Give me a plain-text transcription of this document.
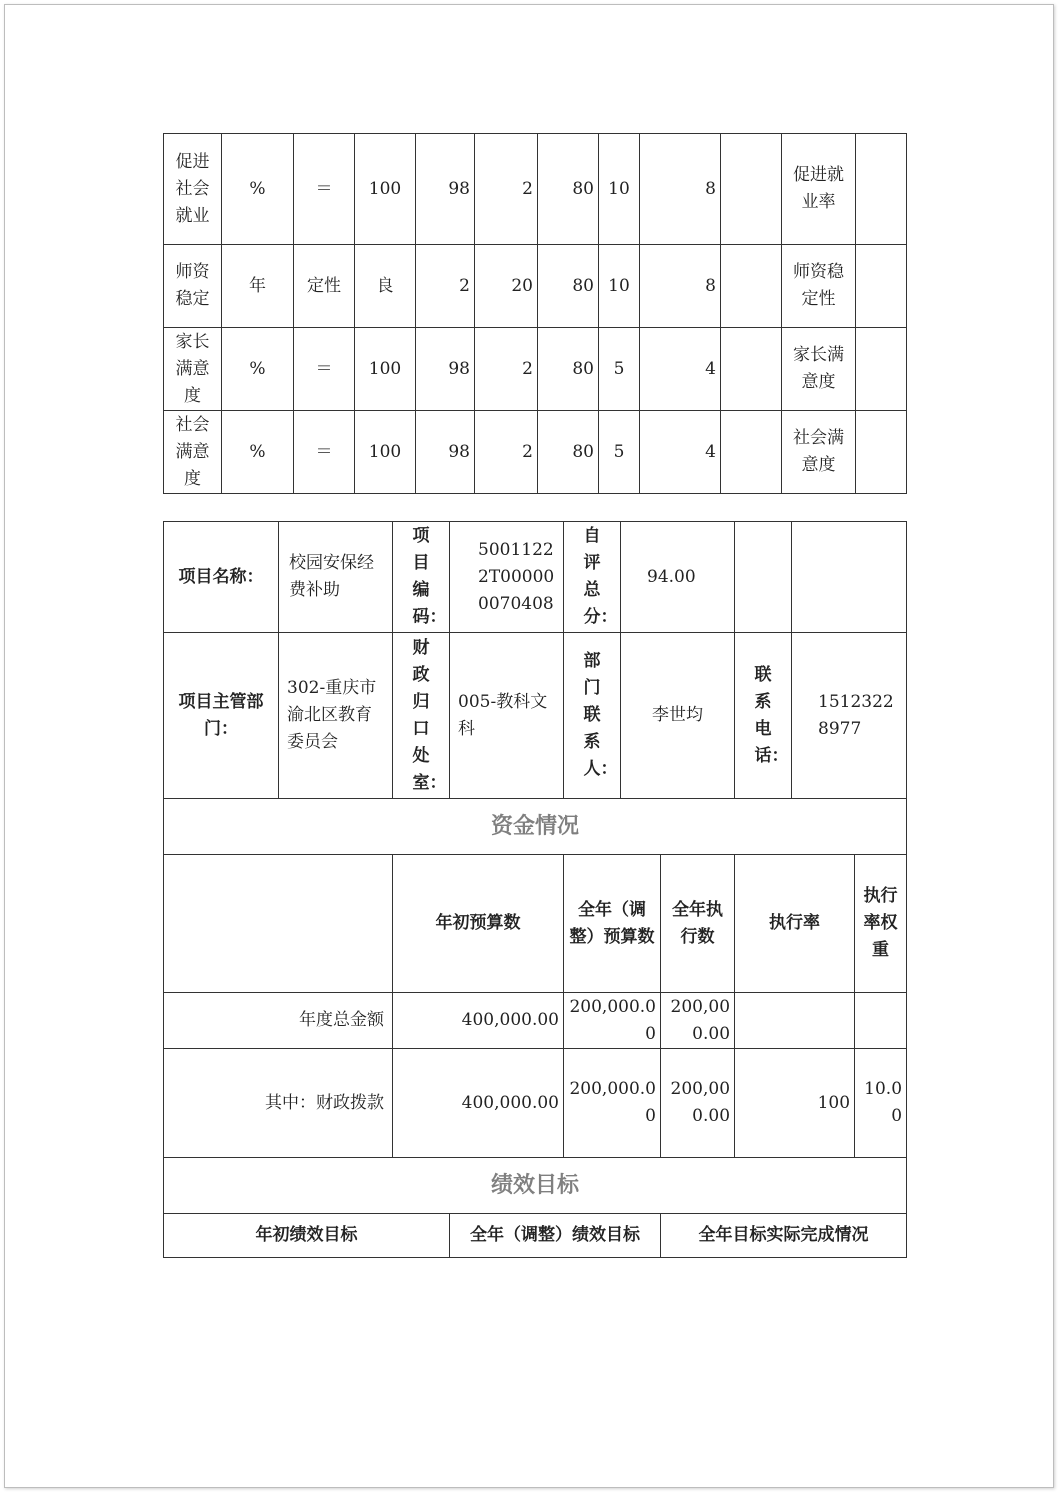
促进社会就业	%	＝	100	98	2	80	10	8		促进就业率	
师资稳定	年	定性	良	2	20	80	10	8		师资稳定性	
家长满意度	%	＝	100	98	2	80	5	4		家长满意度	
社会满意度	%	＝	100	98	2	80	5	4		社会满意度	
项目名称：	校园安保经费补助	项目编码：	50011222T000000070408	自评总分：	94.00					
项目主管部门：	302-重庆市渝北区教育委员会	财政归口处室：	005-教科文科	部门联系人：	李世均		联系电话：	15123228977		
资金情况										
		年初预算数		全年（调整）预算数		全年执行数	执行率		执行率权重	
年度总金额		400,000.00		200,000.00		200,000.00				
其中：财政拨款		400,000.00		200,000.00		200,000.00	100		10.00	
绩效目标										
年初绩效目标			全年（调整）绩效目标			全年目标实际完成情况				
